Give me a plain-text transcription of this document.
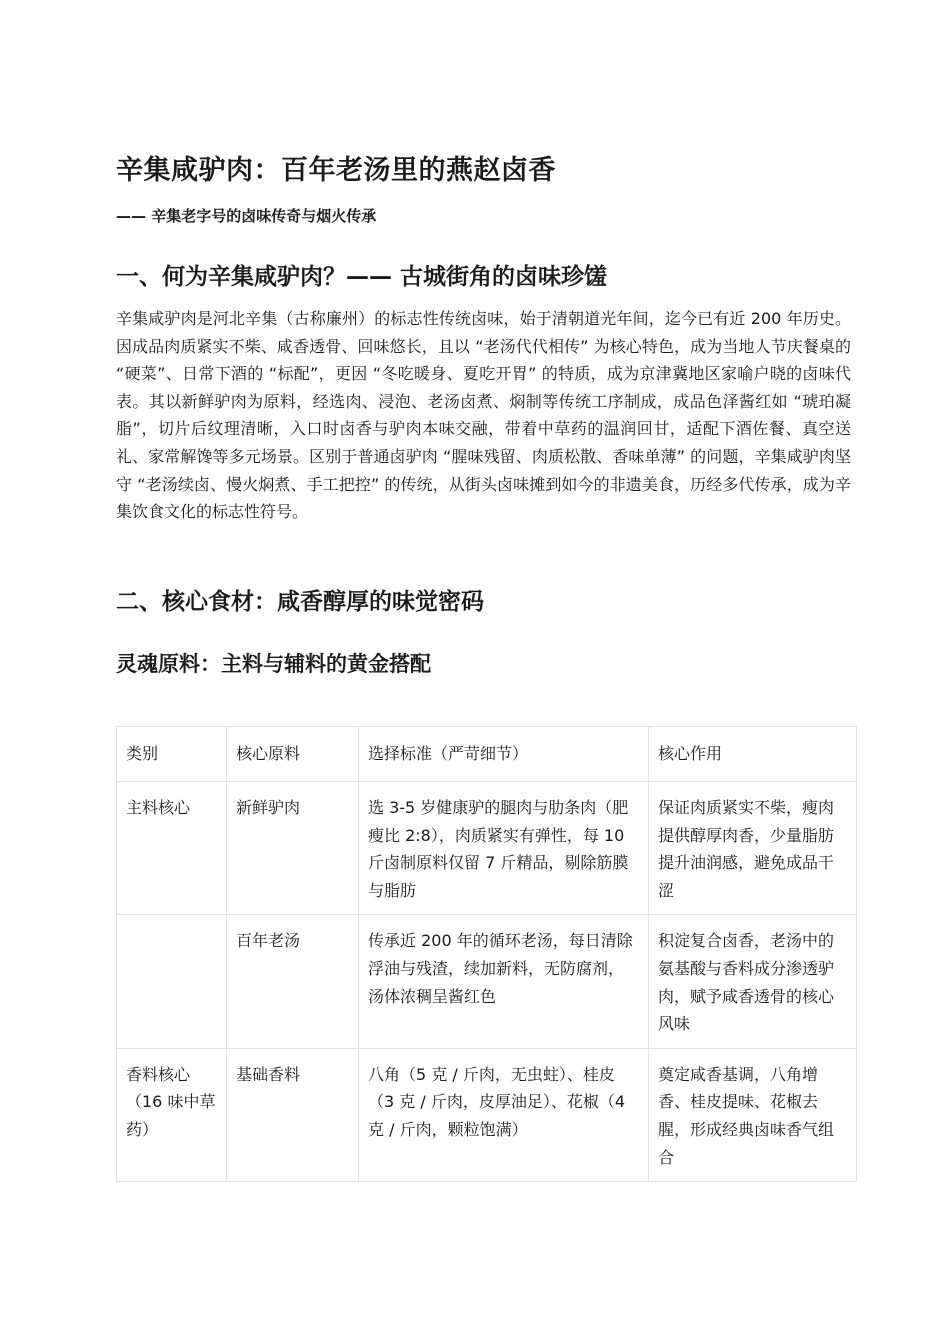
辛集咸驴肉：百年老汤里的燕赵卤香

—— 辛集老字号的卤味传奇与烟火传承

一、何为辛集咸驴肉？—— 古城街角的卤味珍馐

辛集咸驴肉是河北辛集（古称廉州）的标志性传统卤味，始于清朝道光年间，迄今已有近 200 年历史。因成品肉质紧实不柴、咸香透骨、回味悠长，且以 “老汤代代相传” 为核心特色，成为当地人节庆餐桌的 “硬菜”、日常下酒的 “标配”，更因 “冬吃暖身、夏吃开胃” 的特质，成为京津冀地区家喻户晓的卤味代表。其以新鲜驴肉为原料，经选肉、浸泡、老汤卤煮、焖制等传统工序制成，成品色泽酱红如 “琥珀凝脂”，切片后纹理清晰，入口时卤香与驴肉本味交融，带着中草药的温润回甘，适配下酒佐餐、真空送礼、家常解馋等多元场景。区别于普通卤驴肉 “腥味残留、肉质松散、香味单薄” 的问题，辛集咸驴肉坚守 “老汤续卤、慢火焖煮、手工把控” 的传统，从街头卤味摊到如今的非遗美食，历经多代传承，成为辛集饮食文化的标志性符号。

二、核心食材：咸香醇厚的味觉密码
灵魂原料：主料与辅料的黄金搭配
类别	核心原料	选择标准（严苛细节）	核心作用
主料核心	新鲜驴肉	选 3-5 岁健康驴的腿肉与肋条肉（肥瘦比 2:8），肉质紧实有弹性，每 10 斤卤制原料仅留 7 斤精品，剔除筋膜与脂肪	保证肉质紧实不柴，瘦肉提供醇厚肉香，少量脂肪提升油润感，避免成品干涩
	百年老汤	传承近 200 年的循环老汤，每日清除浮油与残渣，续加新料，无防腐剂，汤体浓稠呈酱红色	积淀复合卤香，老汤中的氨基酸与香料成分渗透驴肉，赋予咸香透骨的核心风味
香料核心（16 味中草药）	基础香料	八角（5 克 / 斤肉，无虫蛀）、桂皮（3 克 / 斤肉，皮厚油足）、花椒（4 克 / 斤肉，颗粒饱满）	奠定咸香基调，八角增香、桂皮提味、花椒去腥，形成经典卤味香气组合
